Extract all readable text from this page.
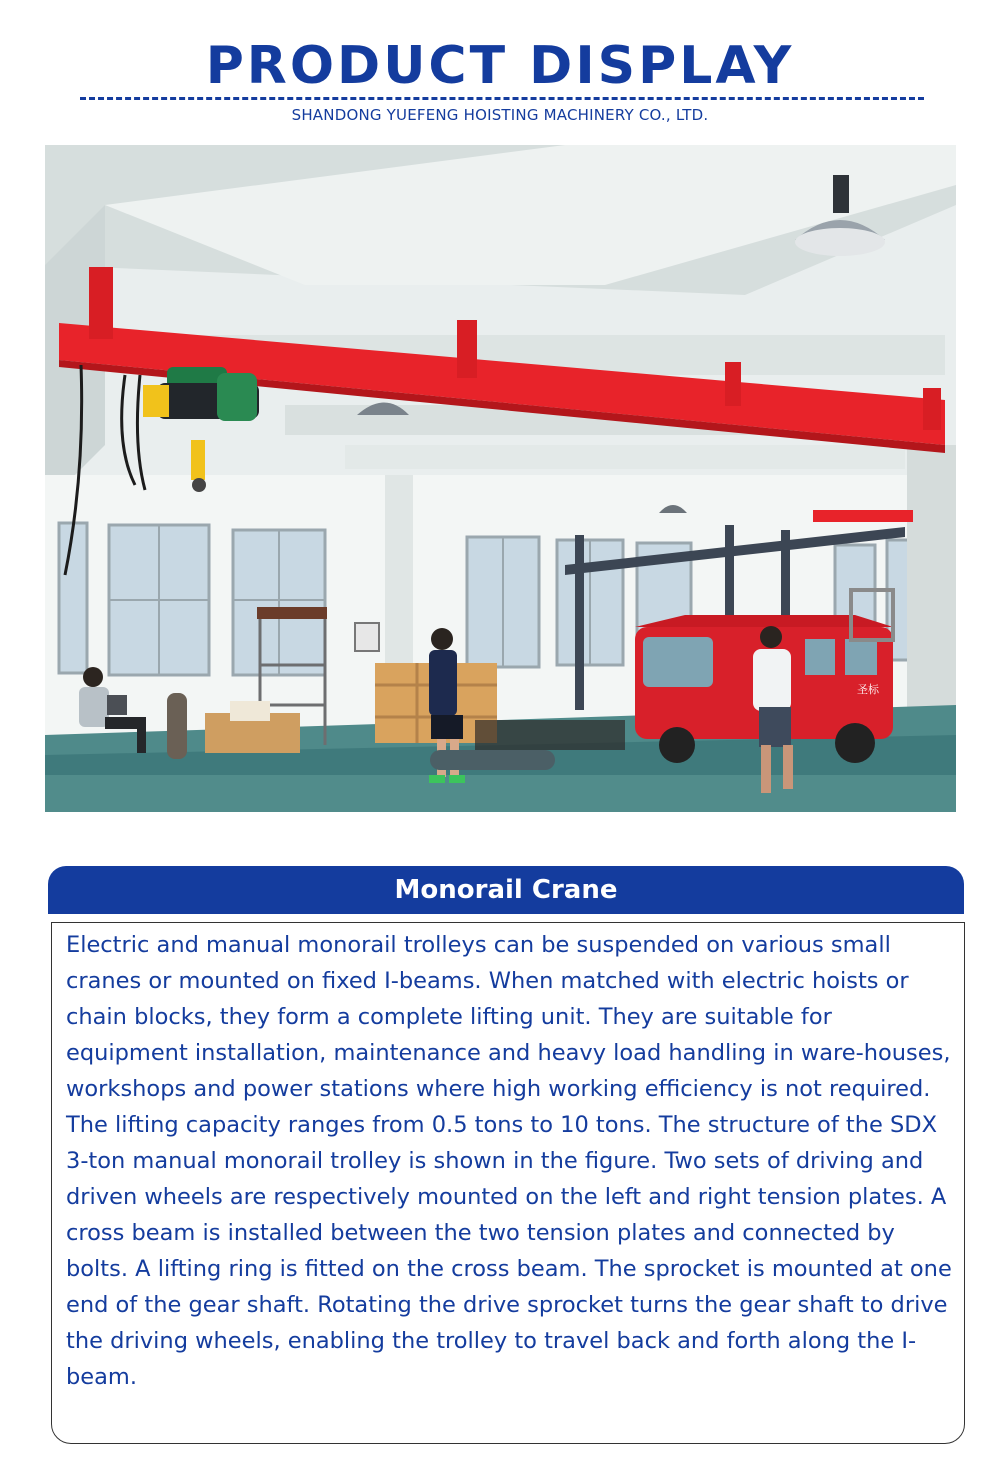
PRODUCT DISPLAY
SHANDONG YUEFENG HOISTING MACHINERY CO., LTD.
圣标
Monorail Crane

Electric and manual monorail trolleys can be suspended on various small cranes or mounted on fixed I-beams. When matched with electric hoists or chain blocks, they form a complete lifting unit. They are suitable for equipment installation, maintenance and heavy load handling in ware-houses, workshops and power stations where high working efficiency is not required.

The lifting capacity ranges from 0.5 tons to 10 tons. The structure of the SDX 3-ton manual monorail trolley is shown in the figure. Two sets of driving and driven wheels are respectively mounted on the left and right tension plates. A cross beam is installed between the two tension plates and connected by bolts. A lifting ring is fitted on the cross beam. The sprocket is mounted at one end of the gear shaft. Rotating the drive sprocket turns the gear shaft to drive the driving wheels, enabling the trolley to travel back and forth along the I-beam.
